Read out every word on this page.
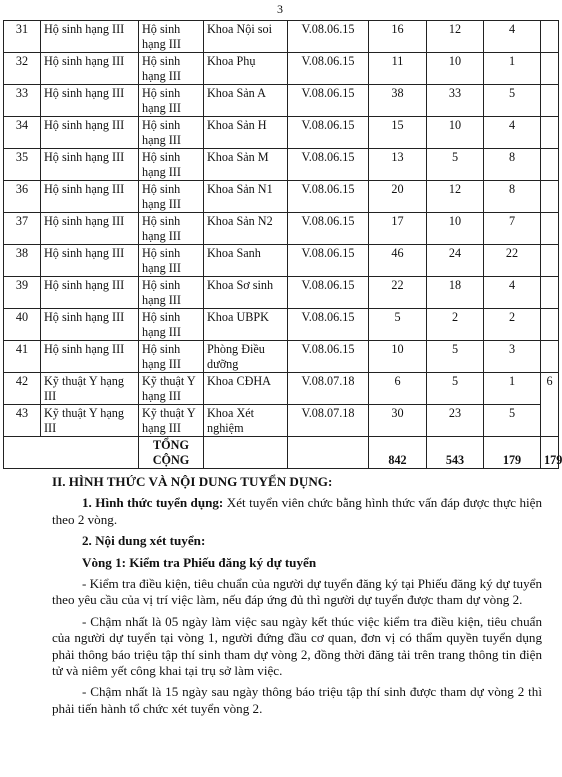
3
31	Hộ sinh hạng III	Hộ sinh hạng III	Khoa Nội soi	V.08.06.15	16	12	4	
32	Hộ sinh hạng III	Hộ sinh hạng III	Khoa Phụ	V.08.06.15	11	10	1	
33	Hộ sinh hạng III	Hộ sinh hạng III	Khoa Sản A	V.08.06.15	38	33	5	
34	Hộ sinh hạng III	Hộ sinh hạng III	Khoa Sản H	V.08.06.15	15	10	4	
35	Hộ sinh hạng III	Hộ sinh hạng III	Khoa Sản M	V.08.06.15	13	5	8	
36	Hộ sinh hạng III	Hộ sinh hạng III	Khoa Sản N1	V.08.06.15	20	12	8	
37	Hộ sinh hạng III	Hộ sinh hạng III	Khoa Sản N2	V.08.06.15	17	10	7	
38	Hộ sinh hạng III	Hộ sinh hạng III	Khoa Sanh	V.08.06.15	46	24	22	
39	Hộ sinh hạng III	Hộ sinh hạng III	Khoa Sơ sinh	V.08.06.15	22	18	4	
40	Hộ sinh hạng III	Hộ sinh hạng III	Khoa UBPK	V.08.06.15	5	2	2	
41	Hộ sinh hạng III	Hộ sinh hạng III	Phòng Điều dưỡng	V.08.06.15	10	5	3	
42	Kỹ thuật Y hạng III	Kỹ thuật Y hạng III	Khoa CĐHA	V.08.07.18	6	5	1	6
43	Kỹ thuật Y hạng III	Kỹ thuật Y hạng III	Khoa Xét nghiệm	V.08.07.18	30	23	5	
		TỔNG CỘNG			842	543	179	179

II. HÌNH THỨC VÀ NỘI DUNG TUYỂN DỤNG:

1. Hình thức tuyển dụng: Xét tuyển viên chức bằng hình thức vấn đáp được thực hiện theo 2 vòng.

2. Nội dung xét tuyển:

Vòng 1: Kiểm tra Phiếu đăng ký dự tuyển

- Kiểm tra điều kiện, tiêu chuẩn của người dự tuyển đăng ký tại Phiếu đăng ký dự tuyển theo yêu cầu của vị trí việc làm, nếu đáp ứng đủ thì người dự tuyển được tham dự vòng 2.

- Chậm nhất là 05 ngày làm việc sau ngày kết thúc việc kiểm tra điều kiện, tiêu chuẩn của người dự tuyển tại vòng 1, người đứng đầu cơ quan, đơn vị có thẩm quyền tuyển dụng phải thông báo triệu tập thí sinh tham dự vòng 2, đồng thời đăng tải trên trang thông tin điện tử và niêm yết công khai tại trụ sở làm việc.

- Chậm nhất là 15 ngày sau ngày thông báo triệu tập thí sinh được tham dự vòng 2 thì phải tiến hành tổ chức xét tuyển vòng 2.
